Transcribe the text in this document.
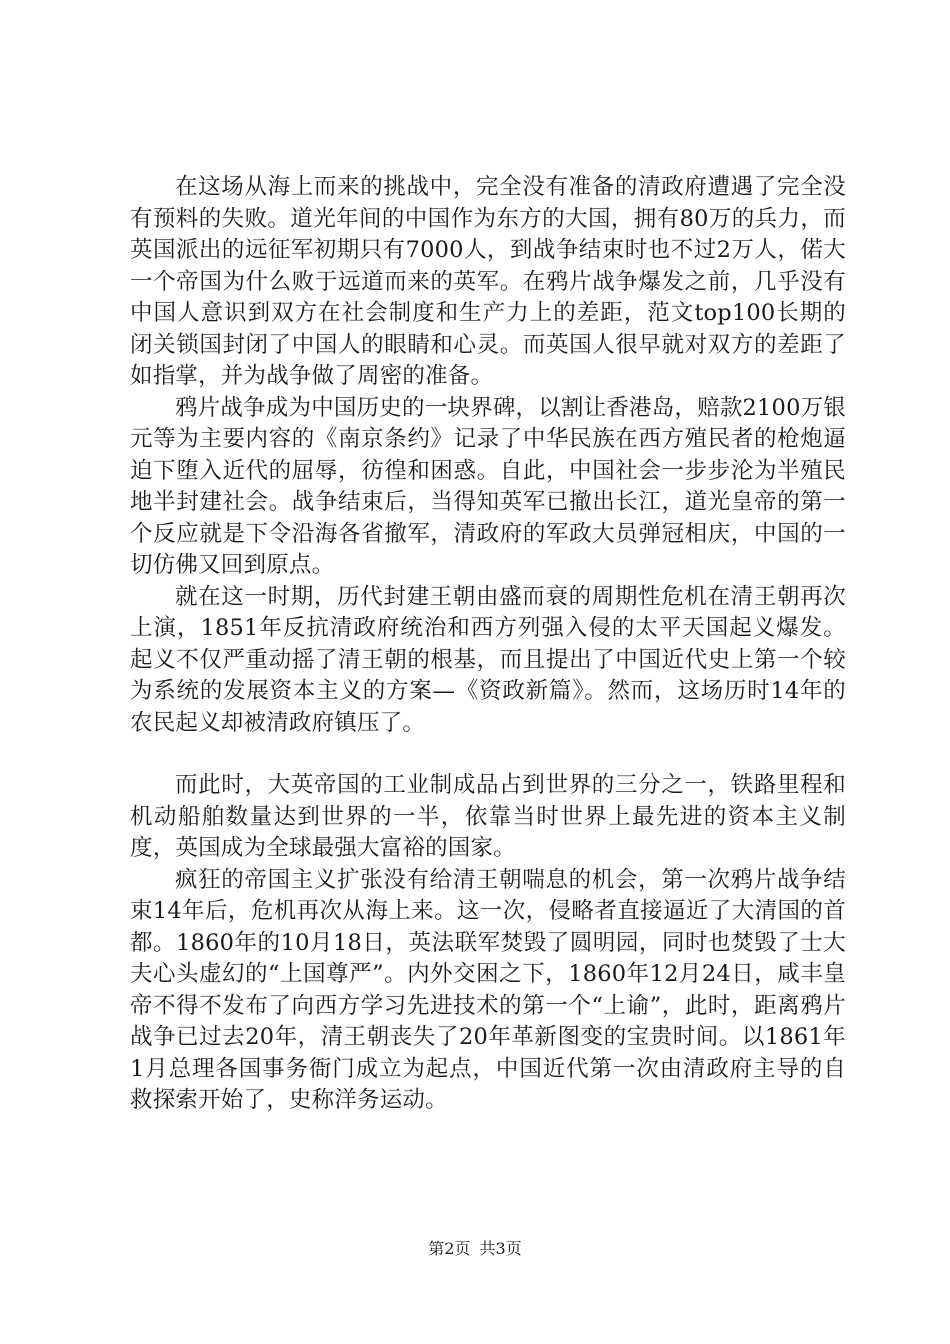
在这场从海上而来的挑战中，完全没有准备的清政府遭遇了完全没有预料的失败。道光年间的中国作为东方的大国，拥有80万的兵力，而英国派出的远征军初期只有7000人，到战争结束时也不过2万人，偌大一个帝国为什么败于远道而来的英军。在鸦片战争爆发之前，几乎没有中国人意识到双方在社会制度和生产力上的差距，范文top100长期的闭关锁国封闭了中国人的眼睛和心灵。而英国人很早就对双方的差距了如指掌，并为战争做了周密的准备。

鸦片战争成为中国历史的一块界碑，以割让香港岛，赔款2100万银元等为主要内容的《南京条约》记录了中华民族在西方殖民者的枪炮逼迫下堕入近代的屈辱，彷徨和困惑。自此，中国社会一步步沦为半殖民地半封建社会。战争结束后，当得知英军已撤出长江，道光皇帝的第一个反应就是下令沿海各省撤军，清政府的军政大员弹冠相庆，中国的一切仿佛又回到原点。

就在这一时期，历代封建王朝由盛而衰的周期性危机在清王朝再次上演，1851年反抗清政府统治和西方列强入侵的太平天国起义爆发。起义不仅严重动摇了清王朝的根基，而且提出了中国近代史上第一个较为系统的发展资本主义的方案—《资政新篇》。然而，这场历时14年的农民起义却被清政府镇压了。

而此时，大英帝国的工业制成品占到世界的三分之一，铁路里程和机动船舶数量达到世界的一半，依靠当时世界上最先进的资本主义制度，英国成为全球最强大富裕的国家。

疯狂的帝国主义扩张没有给清王朝喘息的机会，第一次鸦片战争结束14年后，危机再次从海上来。这一次，侵略者直接逼近了大清国的首都。1860年的10月18日，英法联军焚毁了圆明园，同时也焚毁了士大夫心头虚幻的“上国尊严”。内外交困之下，1860年12月24日，咸丰皇帝不得不发布了向西方学习先进技术的第一个“上谕”，此时，距离鸦片战争已过去20年，清王朝丧失了20年革新图变的宝贵时间。以1861年1月总理各国事务衙门成立为起点，中国近代第一次由清政府主导的自救探索开始了，史称洋务运动。

第2页 共3页
